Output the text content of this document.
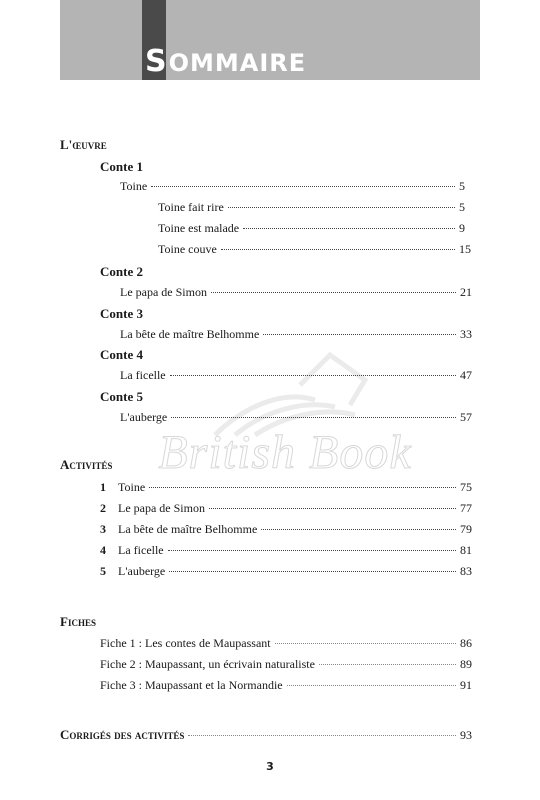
SOMMAIRE
British Book
L'œuvre
Conte 1
Toine	5
Toine fait rire	5
Toine est malade	9
Toine couve	15
Conte 2
Le papa de Simon	21
Conte 3
La bête de maître Belhomme	33
Conte 4
La ficelle	47
Conte 5
L'auberge	57
Activités
1	Toine	75
2	Le papa de Simon	77
3	La bête de maître Belhomme	79
4	La ficelle	81
5	L'auberge	83
Fiches
Fiche 1 : Les contes de Maupassant	86
Fiche 2 : Maupassant, un écrivain naturaliste	89
Fiche 3 : Maupassant et la Normandie	91
Corrigés des activités	93
3
